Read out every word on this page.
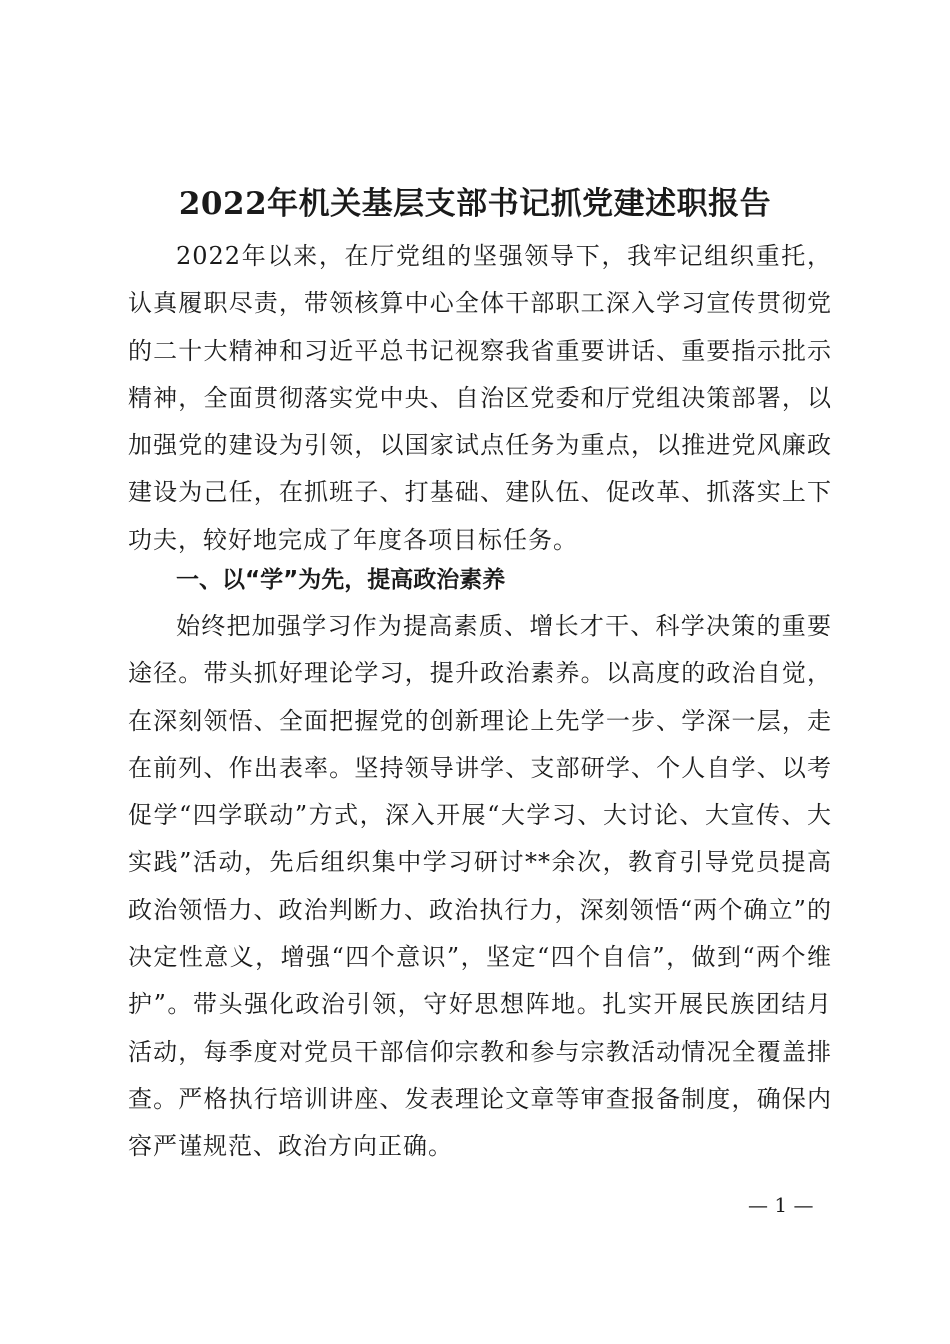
2022年机关基层支部书记抓党建述职报告

2022年以来，在厅党组的坚强领导下，我牢记组织重托，认真履职尽责，带领核算中心全体干部职工深入学习宣传贯彻党的二十大精神和习近平总书记视察我省重要讲话、重要指示批示精神，全面贯彻落实党中央、自治区党委和厅党组决策部署，以加强党的建设为引领，以国家试点任务为重点，以推进党风廉政建设为己任，在抓班子、打基础、建队伍、促改革、抓落实上下功夫，较好地完成了年度各项目标任务。

一、以“学”为先，提高政治素养

始终把加强学习作为提高素质、增长才干、科学决策的重要途径。带头抓好理论学习，提升政治素养。以高度的政治自觉，在深刻领悟、全面把握党的创新理论上先学一步、学深一层，走在前列、作出表率。坚持领导讲学、支部研学、个人自学、以考促学“四学联动”方式，深入开展“大学习、大讨论、大宣传、大实践”活动，先后组织集中学习研讨**余次，教育引导党员提高政治领悟力、政治判断力、政治执行力，深刻领悟“两个确立”的决定性意义，增强“四个意识”，坚定“四个自信”，做到“两个维护”。带头强化政治引领，守好思想阵地。扎实开展民族团结月活动，每季度对党员干部信仰宗教和参与宗教活动情况全覆盖排查。严格执行培训讲座、发表理论文章等审查报备制度，确保内容严谨规范、政治方向正确。

— 1 —
